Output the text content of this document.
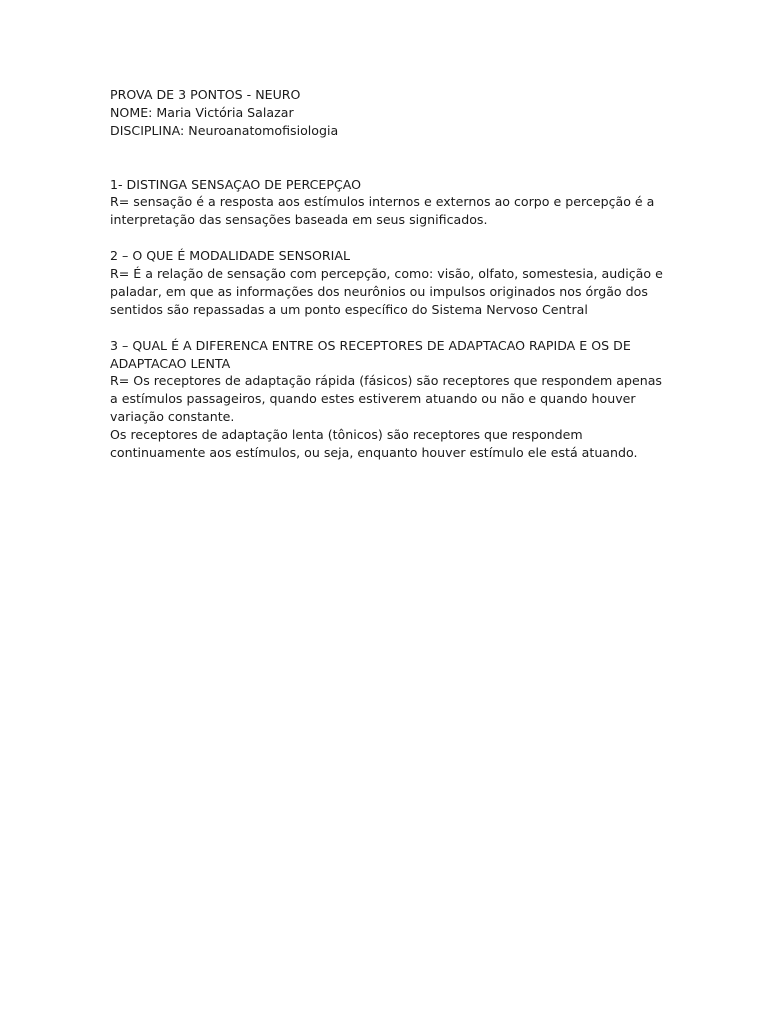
PROVA DE 3 PONTOS - NEURO
NOME: Maria Victória Salazar
DISCIPLINA: Neuroanatomofisiologia
1- DISTINGA SENSAÇAO DE PERCEPÇAO
R= sensação é a resposta aos estímulos internos e externos ao corpo e percepção é a
interpretação das sensações baseada em seus significados.
2 – O QUE É MODALIDADE SENSORIAL
R= É a relação de sensação com percepção, como: visão, olfato, somestesia, audição e
paladar, em que as informações dos neurônios ou impulsos originados nos órgão dos
sentidos são repassadas a um ponto específico do Sistema Nervoso Central
3 – QUAL É A DIFERENCA ENTRE OS RECEPTORES DE ADAPTACAO RAPIDA E OS DE
ADAPTACAO LENTA
R= Os receptores de adaptação rápida (fásicos) são receptores que respondem apenas
a estímulos passageiros, quando estes estiverem atuando ou não e quando houver
variação constante.
Os receptores de adaptação lenta (tônicos) são receptores que respondem
continuamente aos estímulos, ou seja, enquanto houver estímulo ele está atuando.
